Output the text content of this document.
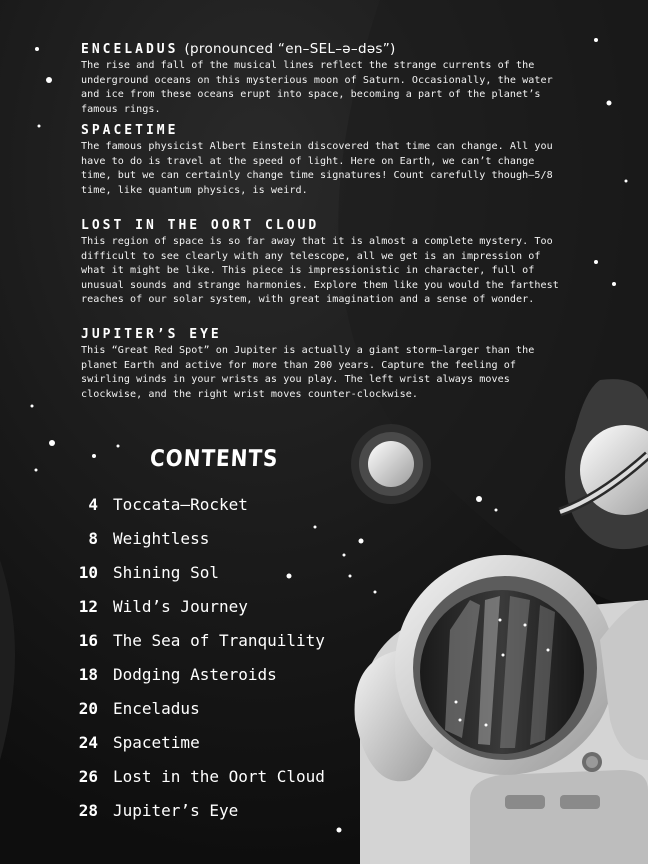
ENCELADUS (pronounced “en–SEL–ə–dəs”)

The rise and fall of the musical lines reflect the strange currents of the underground oceans on this mysterious moon of Saturn. Occasionally, the water and ice from these oceans erupt into space, becoming a part of the planet’s famous rings.

SPACETIME

The famous physicist Albert Einstein discovered that time can change. All you have to do is travel at the speed of light. Here on Earth, we can’t change time, but we can certainly change time signatures! Count carefully though—5/8 time, like quantum physics, is weird.

LOST IN THE OORT CLOUD

This region of space is so far away that it is almost a complete mystery. Too difficult to see clearly with any telescope, all we get is an impression of what it might be like. This piece is impressionistic in character, full of unusual sounds and strange harmonies. Explore them like you would the farthest reaches of our solar system, with great imagination and a sense of wonder.

JUPITER’S EYE

This “Great Red Spot” on Jupiter is actually a giant storm—larger than the planet Earth and active for more than 200 years. Capture the feeling of swirling winds in your wrists as you play. The left wrist always moves clockwise, and the right wrist moves counter-clockwise.

CONTENTS
4 Toccata–Rocket
8 Weightless
10 Shining Sol
12 Wild’s Journey
16 The Sea of Tranquility
18 Dodging Asteroids
20 Enceladus
24 Spacetime
26 Lost in the Oort Cloud
28 Jupiter’s Eye
